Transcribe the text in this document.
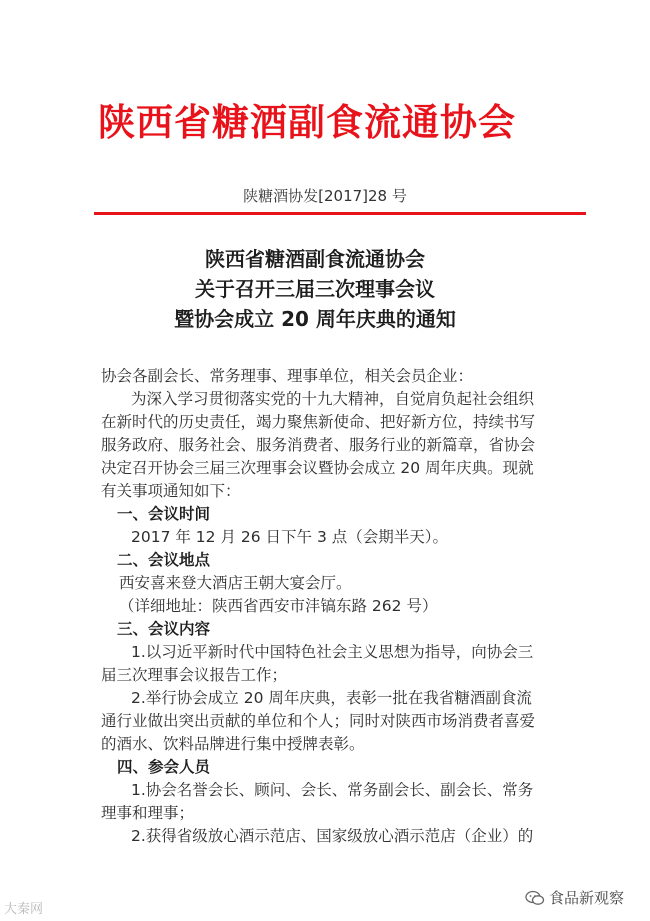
陕西省糖酒副食流通协会
陕糖酒协发[2017]28 号
陕西省糖酒副食流通协会
关于召开三届三次理事会议
暨协会成立 20 周年庆典的通知

协会各副会长、常务理事、理事单位，相关会员企业：

为深入学习贯彻落实党的十九大精神，自觉肩负起社会组织

在新时代的历史责任，竭力聚焦新使命、把好新方位，持续书写

服务政府、服务社会、服务消费者、服务行业的新篇章，省协会

决定召开协会三届三次理事会议暨协会成立 20 周年庆典。现就

有关事项通知如下：

一、会议时间

2017 年 12 月 26 日下午 3 点（会期半天）。

二、会议地点

西安喜来登大酒店王朝大宴会厅。

（详细地址：陕西省西安市沣镐东路 262 号）

三、会议内容

1.以习近平新时代中国特色社会主义思想为指导，向协会三

届三次理事会议报告工作；

2.举行协会成立 20 周年庆典，表彰一批在我省糖酒副食流

通行业做出突出贡献的单位和个人；同时对陕西市场消费者喜爱

的酒水、饮料品牌进行集中授牌表彰。

四、参会人员

1.协会名誉会长、顾问、会长、常务副会长、副会长、常务

理事和理事；

2.获得省级放心酒示范店、国家级放心酒示范店（企业）的

大秦网
食品新观察
